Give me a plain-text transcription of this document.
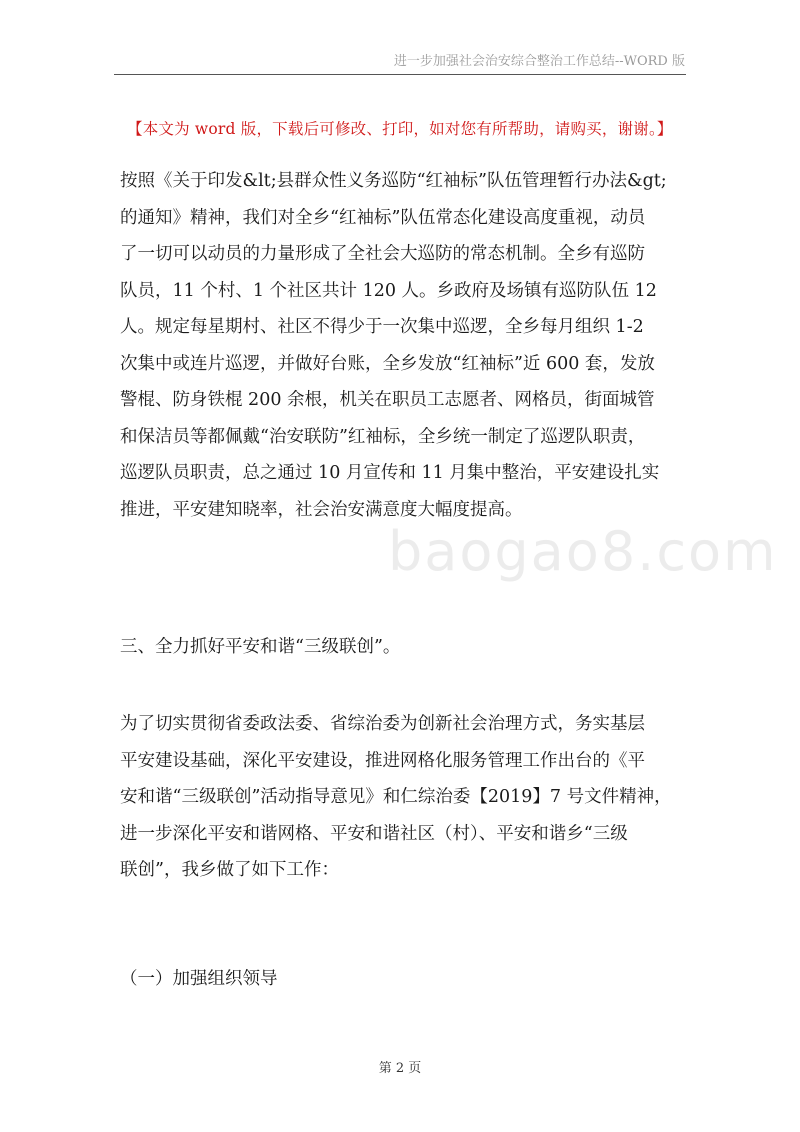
进一步加强社会治安综合整治工作总结--WORD 版
【本文为 word 版，下载后可修改、打印，如对您有所帮助，请购买，谢谢。】

按照《关于印发&lt;县群众性义务巡防“红袖标”队伍管理暂行办法&gt;
的通知》精神，我们对全乡“红袖标”队伍常态化建设高度重视，动员
了一切可以动员的力量形成了全社会大巡防的常态机制。全乡有巡防
队员，11 个村、1 个社区共计 120 人。乡政府及场镇有巡防队伍 12
人。规定每星期村、社区不得少于一次集中巡逻，全乡每月组织 1-2
次集中或连片巡逻，并做好台账，全乡发放“红袖标”近 600 套，发放
警棍、防身铁棍 200 余根，机关在职员工志愿者、网格员，街面城管
和保洁员等都佩戴“治安联防”红袖标，全乡统一制定了巡逻队职责，
巡逻队员职责，总之通过 10 月宣传和 11 月集中整治，平安建设扎实
推进，平安建知晓率，社会治安满意度大幅度提高。

三、全力抓好平安和谐“三级联创”。

为了切实贯彻省委政法委、省综治委为创新社会治理方式，务实基层
平安建设基础，深化平安建设，推进网格化服务管理工作出台的《平
安和谐“三级联创”活动指导意见》和仁综治委【2019】7 号文件精神，
进一步深化平安和谐网格、平安和谐社区（村）、平安和谐乡“三级
联创”，我乡做了如下工作：

（一）加强组织领导
baogao8.com
第 2 页
